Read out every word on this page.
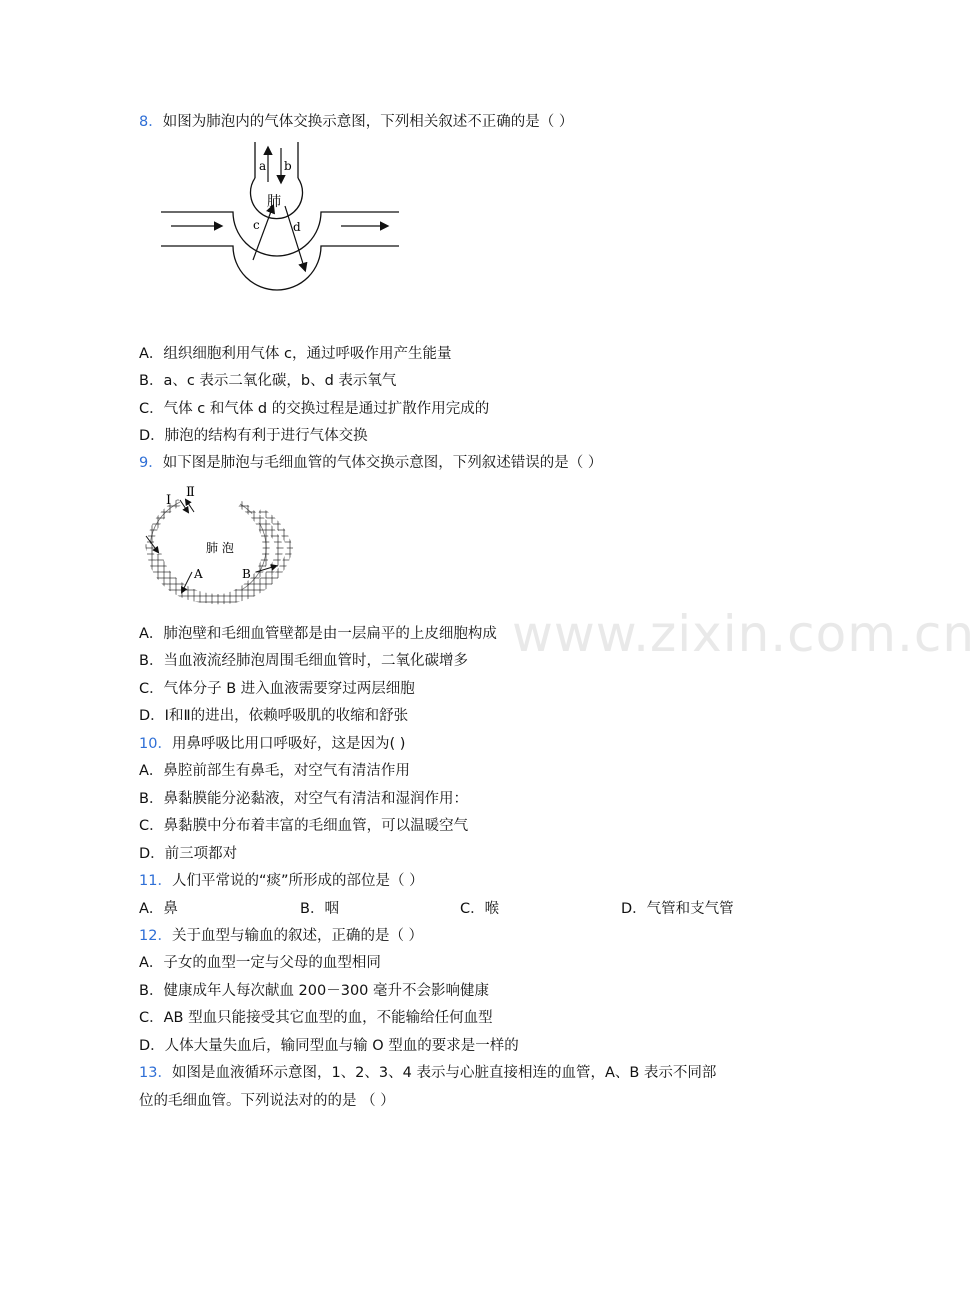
www.zixin.com.cn
8．如图为肺泡内的气体交换示意图，下列相关叙述不正确的是（ ）
a b
肺
c	d
A．组织细胞利用气体 c，通过呼吸作用产生能量
B．a、c 表示二氧化碳，b、d 表示氧气
C．气体 c 和气体 d 的交换过程是通过扩散作用完成的
D．肺泡的结构有利于进行气体交换
9．如下图是肺泡与毛细血管的气体交换示意图，下列叙述错误的是（ ）
Ⅰ
Ⅱ
肺 泡
A	B
A．肺泡壁和毛细血管壁都是由一层扁平的上皮细胞构成
B．当血液流经肺泡周围毛细血管时，二氧化碳增多
C．气体分子 B 进入血液需要穿过两层细胞
D．Ⅰ和Ⅱ的进出，依赖呼吸肌的收缩和舒张
10．用鼻呼吸比用口呼吸好，这是因为( )
A．鼻腔前部生有鼻毛，对空气有清洁作用
B．鼻黏膜能分泌黏液，对空气有清洁和湿润作用：
C．鼻黏膜中分布着丰富的毛细血管，可以温暖空气
D．前三项都对
11．人们平常说的“痰”所形成的部位是（ ）
A．鼻	B．咽	C．喉	D．气管和支气管
12．关于血型与输血的叙述，正确的是（ ）
A．子女的血型一定与父母的血型相同
B．健康成年人每次献血 200－300 毫升不会影响健康
C．AB 型血只能接受其它血型的血，不能输给任何血型
D．人体大量失血后，输同型血与输 O 型血的要求是一样的
13．如图是血液循环示意图，1、2、3、4 表示与心脏直接相连的血管，A、B 表示不同部
位的毛细血管。下列说法对的的是 （ ）
